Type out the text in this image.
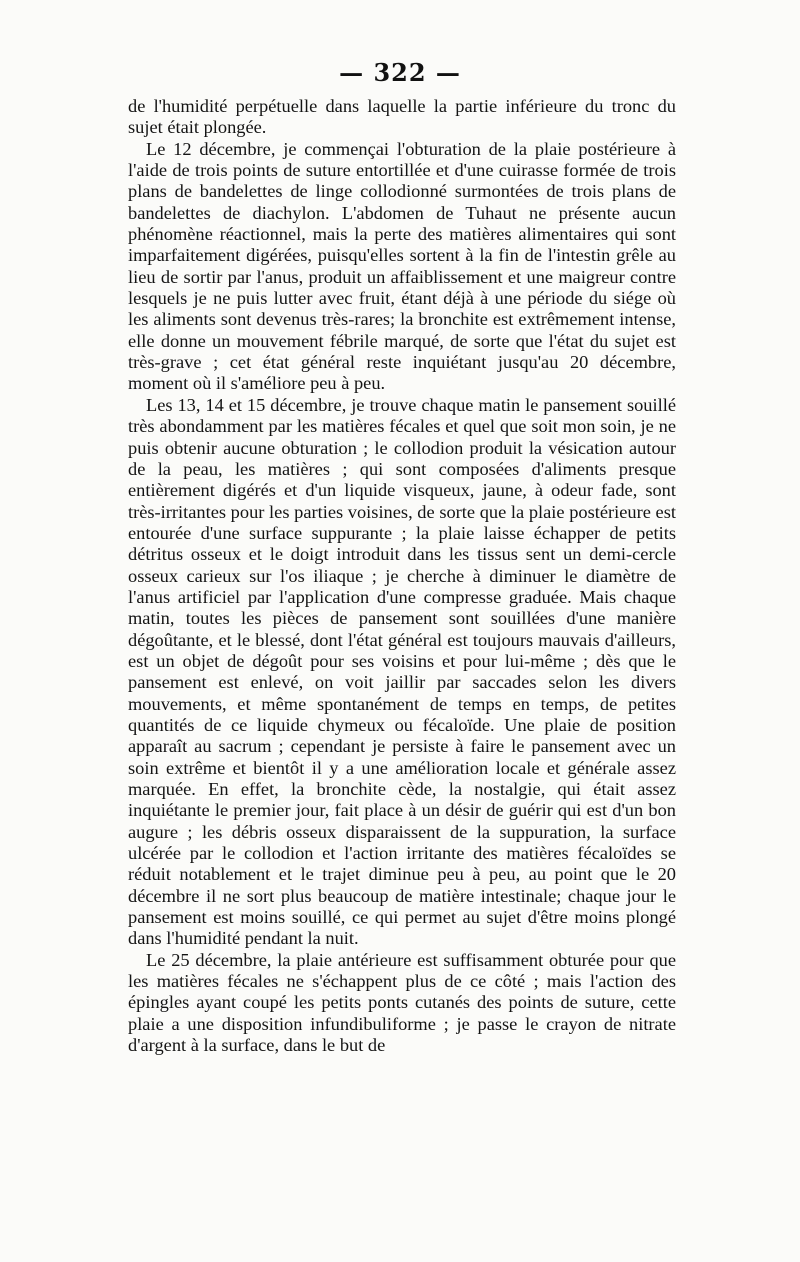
— 322 —

de l'humidité perpétuelle dans laquelle la partie inférieure du tronc du sujet était plongée.

Le 12 décembre, je commençai l'obturation de la plaie postérieure à l'aide de trois points de suture entortillée et d'une cuirasse formée de trois plans de bandelettes de linge collodionné surmontées de trois plans de bandelettes de diachylon. L'abdomen de Tuhaut ne présente aucun phénomène réactionnel, mais la perte des matières alimentaires qui sont imparfaitement digérées, puisqu'elles sortent à la fin de l'intestin grêle au lieu de sortir par l'anus, produit un affaiblissement et une maigreur contre lesquels je ne puis lutter avec fruit, étant déjà à une période du siége où les aliments sont devenus très-rares; la bronchite est extrêmement intense, elle donne un mouvement fébrile marqué, de sorte que l'état du sujet est très-grave ; cet état général reste inquiétant jusqu'au 20 décembre, moment où il s'améliore peu à peu.

Les 13, 14 et 15 décembre, je trouve chaque matin le pansement souillé très abondamment par les matières fécales et quel que soit mon soin, je ne puis obtenir aucune obturation ; le collodion produit la vésication autour de la peau, les matières ; qui sont composées d'aliments presque entièrement digérés et d'un liquide visqueux, jaune, à odeur fade, sont très-irritantes pour les parties voisines, de sorte que la plaie postérieure est entourée d'une surface suppurante ; la plaie laisse échapper de petits détritus osseux et le doigt introduit dans les tissus sent un demi-cercle osseux carieux sur l'os iliaque ; je cherche à diminuer le diamètre de l'anus artificiel par l'application d'une compresse graduée. Mais chaque matin, toutes les pièces de pansement sont souillées d'une manière dégoûtante, et le blessé, dont l'état général est toujours mauvais d'ailleurs, est un objet de dégoût pour ses voisins et pour lui-même ; dès que le pansement est enlevé, on voit jaillir par saccades selon les divers mouvements, et même spontanément de temps en temps, de petites quantités de ce liquide chymeux ou fécaloïde. Une plaie de position apparaît au sacrum ; cependant je persiste à faire le pansement avec un soin extrême et bientôt il y a une amélioration locale et générale assez marquée. En effet, la bronchite cède, la nostalgie, qui était assez inquiétante le premier jour, fait place à un désir de guérir qui est d'un bon augure ; les débris osseux disparaissent de la suppuration, la surface ulcérée par le collodion et l'action irritante des matières fécaloïdes se réduit notablement et le trajet diminue peu à peu, au point que le 20 décembre il ne sort plus beaucoup de matière intestinale; chaque jour le pansement est moins souillé, ce qui permet au sujet d'être moins plongé dans l'humidité pendant la nuit.

Le 25 décembre, la plaie antérieure est suffisamment obturée pour que les matières fécales ne s'échappent plus de ce côté ; mais l'action des épingles ayant coupé les petits ponts cutanés des points de suture, cette plaie a une disposition infundibuliforme ; je passe le crayon de nitrate d'argent à la surface, dans le but de
